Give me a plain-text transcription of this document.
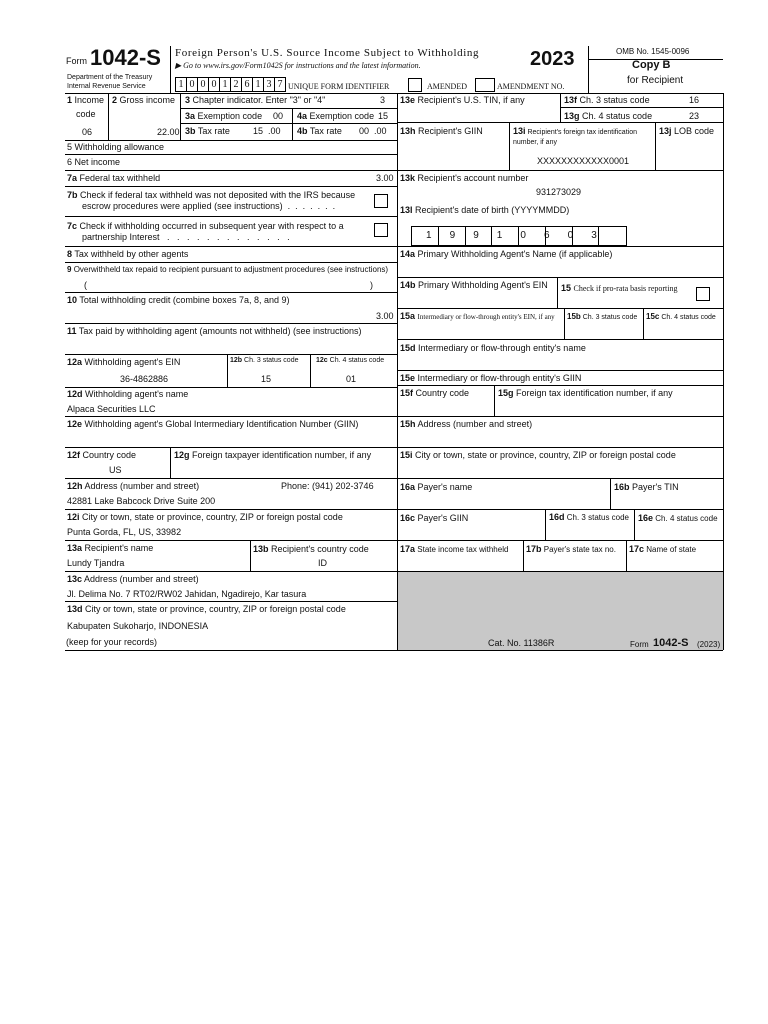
Form 1042-S
Department of the Treasury
Internal Revenue Service
Foreign Person's U.S. Source Income Subject to Withholding
▶ Go to www.irs.gov/Form1042S for instructions and the latest information.	2023	OMB No. 1545-0096
Copy B
for Recipient
1 0 0 0 1 2 6 1 3 7 UNIQUE FORM IDENTIFIER	AMENDED	AMENDMENT NO.
1 Income
code
06
2 Gross income
22.00
3 Chapter indicator. Enter "3" or "4"	3
3a Exemption code 00 4a Exemption code 15
3b Tax rate	15  .00 4b Tax rate 00  .00
5 Withholding allowance
6 Net income
7a Federal tax withheld	3.00
7b Check if federal tax withheld was not deposited with the IRS because
escrow procedures were applied (see instructions)  .  .  .  .  .  .  .
7c Check if withholding occurred in subsequent year with respect to a
partnership Interest   .   .   .   .   .   .   .   .   .   .   .   .   .
8 Tax withheld by other agents
9 Overwithheld tax repaid to recipient pursuant to adjustment procedures (see instructions)
(	)
10 Total withholding credit (combine boxes 7a, 8, and 9)
3.00
11 Tax paid by withholding agent (amounts not withheld) (see instructions)
12a Withholding agent's EIN
36-4862886
12b Ch. 3 status code
15
12c Ch. 4 status code
01
12d Withholding agent's name
Alpaca Securities LLC
12e Withholding agent's Global Intermediary Identification Number (GIIN)
12f Country code
US
12g Foreign taxpayer identification number, if any
12h Address (number and street)	Phone: (941) 202-3746
42881 Lake Babcock Drive Suite 200
12i City or town, state or province, country, ZIP or foreign postal code
Punta Gorda, FL, US, 33982
13a Recipient's name
Lundy Tjandra
13b Recipient's country code
ID
13c Address (number and street)
Jl. Delima No. 7 RT02/RW02 Jahidan, Ngadirejo, Kar tasura
13d City or town, state or province, country, ZIP or foreign postal code
Kabupaten Sukoharjo, INDONESIA
13e Recipient's U.S. TIN, if any	13f Ch. 3 status code	16
13g Ch. 4 status code	23
13h Recipient's GIIN	13i Recipient's foreign tax identification
number, if any
XXXXXXXXXXXX0001
13j LOB code
13k Recipient's account number
931273029
13l Recipient's date of birth (YYYYMMDD)
1 9 9 1 0 6 0 3
14a Primary Withholding Agent's Name (if applicable)
14b Primary Withholding Agent's EIN 15 Check if pro-rata basis reporting
15a Intermediary or flow-through entity's EIN, if any 15b Ch. 3 status code 15c Ch. 4 status code
15d Intermediary or flow-through entity's name
15e Intermediary or flow-through entity's GIIN
15f Country code	15g Foreign tax identification number, if any
15h Address (number and street)
15i City or town, state or province, country, ZIP or foreign postal code
16a Payer's name	16b Payer's TIN
16c Payer's GIIN	16d Ch. 3 status code 16e Ch. 4 status code
17a State income tax withheld 17b Payer's state tax no. 17c Name of state
(keep for your records)	Cat. No. 11386R	Form 1042-S (2023)
